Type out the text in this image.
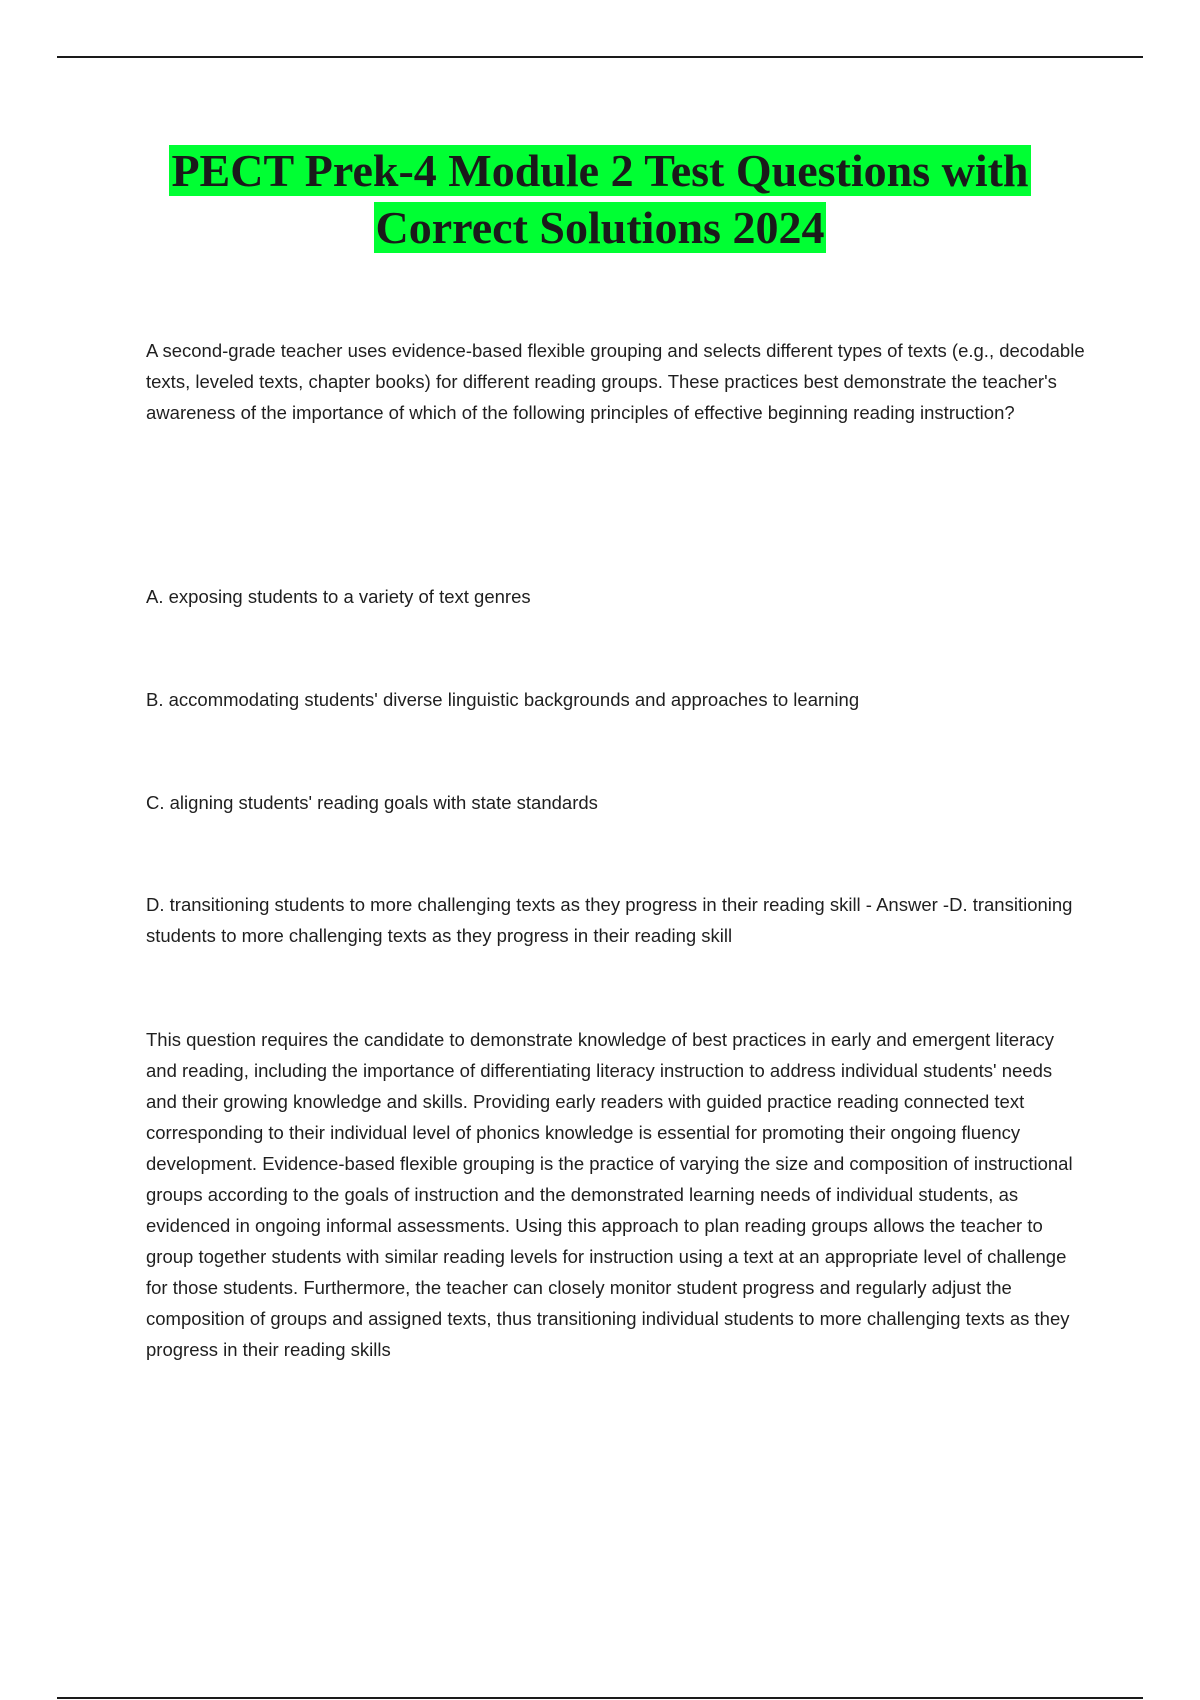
PECT Prek-4 Module 2 Test Questions with
Correct Solutions 2024

A second-grade teacher uses evidence-based flexible grouping and selects different types of texts (e.g., decodable texts, leveled texts, chapter books) for different reading groups. These practices best demonstrate the teacher's awareness of the importance of which of the following principles of effective beginning reading instruction?

A. exposing students to a variety of text genres

B. accommodating students' diverse linguistic backgrounds and approaches to learning

C. aligning students' reading goals with state standards

D. transitioning students to more challenging texts as they progress in their reading skill - Answer -D. transitioning students to more challenging texts as they progress in their reading skill

This question requires the candidate to demonstrate knowledge of best practices in early and emergent literacy and reading, including the importance of differentiating literacy instruction to address individual students' needs and their growing knowledge and skills. Providing early readers with guided practice reading connected text corresponding to their individual level of phonics knowledge is essential for promoting their ongoing fluency development. Evidence-based flexible grouping is the practice of varying the size and composition of instructional groups according to the goals of instruction and the demonstrated learning needs of individual students, as evidenced in ongoing informal assessments. Using this approach to plan reading groups allows the teacher to group together students with similar reading levels for instruction using a text at an appropriate level of challenge for those students. Furthermore, the teacher can closely monitor student progress and regularly adjust the composition of groups and assigned texts, thus transitioning individual students to more challenging texts as they progress in their reading skills
